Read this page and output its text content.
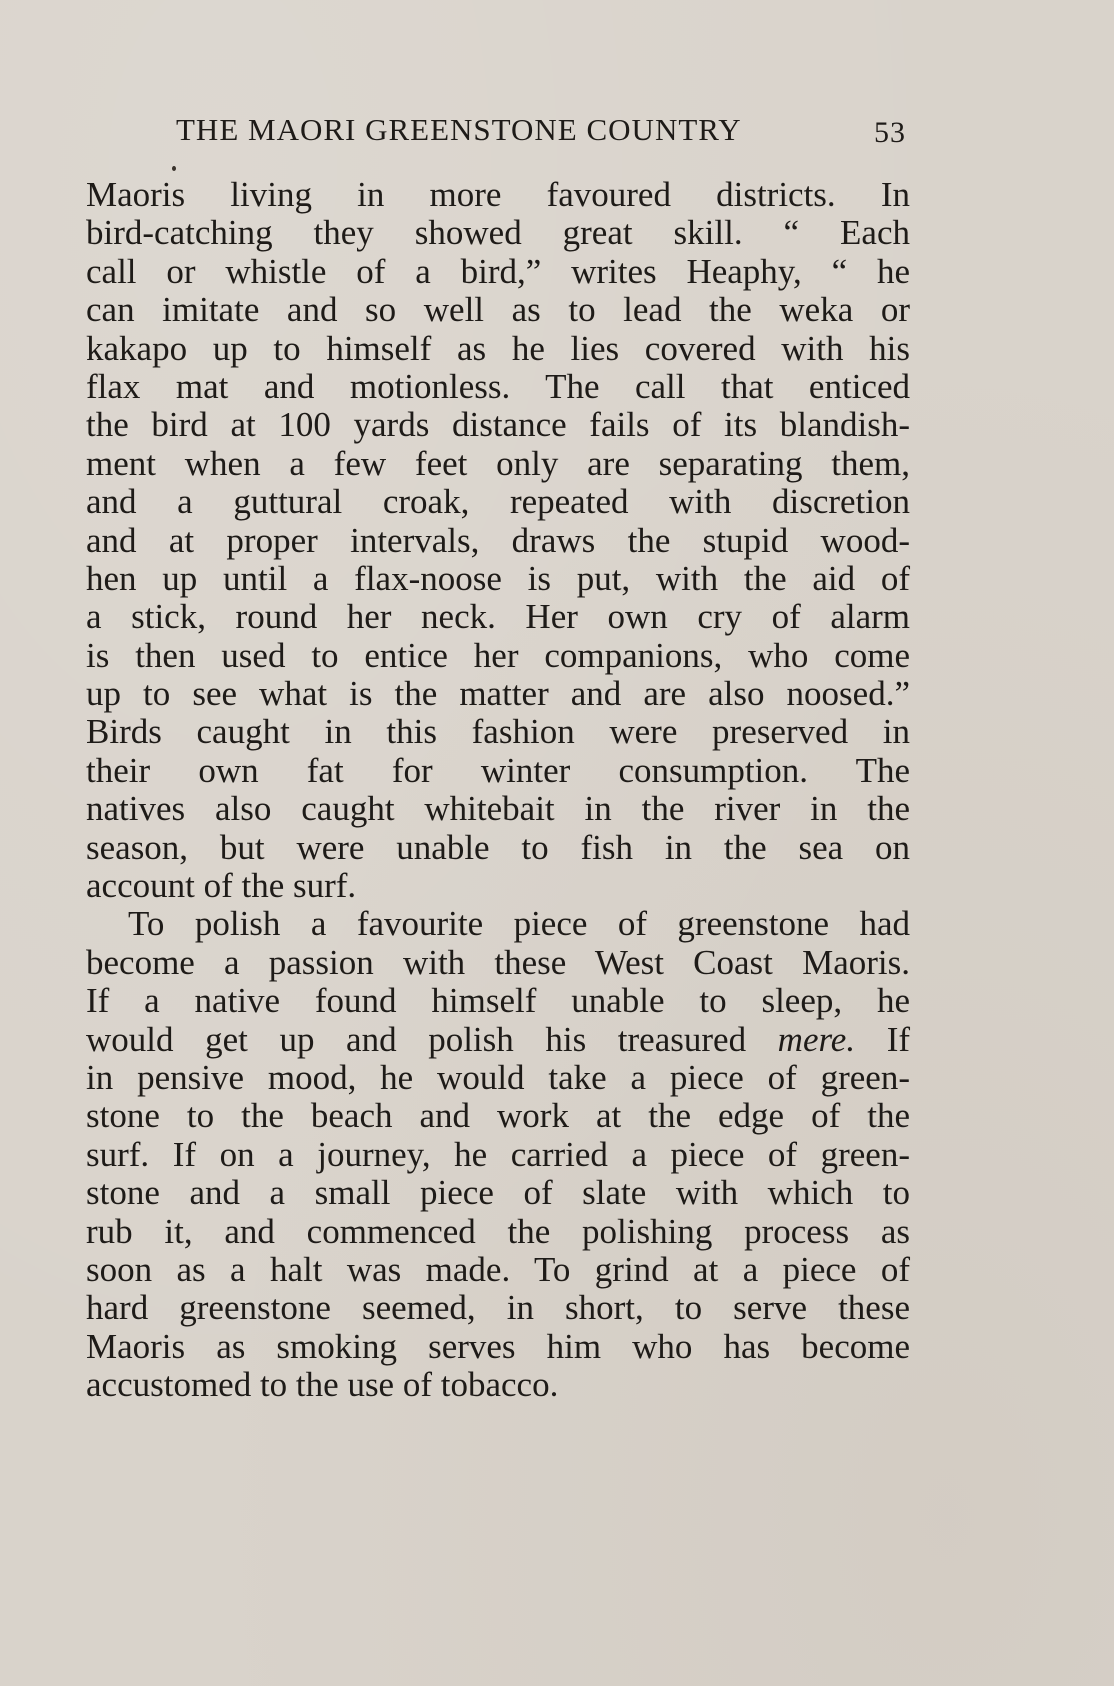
THE MAORI GREENSTONE COUNTRY	53
Maoris living in more favoured districts. In
bird-catching they showed great skill. “ Each
call or whistle of a bird,” writes Heaphy, “ he
can imitate and so well as to lead the weka or
kakapo up to himself as he lies covered with his
flax mat and motionless. The call that enticed
the bird at 100 yards distance fails of its blandish-
ment when a few feet only are separating them,
and a guttural croak, repeated with discretion
and at proper intervals, draws the stupid wood-
hen up until a flax-noose is put, with the aid of
a stick, round her neck. Her own cry of alarm
is then used to entice her companions, who come
up to see what is the matter and are also noosed.”
Birds caught in this fashion were preserved in
their own fat for winter consumption. The
natives also caught whitebait in the river in the
season, but were unable to fish in the sea on
account of the surf.
To polish a favourite piece of greenstone had
become a passion with these West Coast Maoris.
If a native found himself unable to sleep, he
would get up and polish his treasured mere. If
in pensive mood, he would take a piece of green-
stone to the beach and work at the edge of the
surf. If on a journey, he carried a piece of green-
stone and a small piece of slate with which to
rub it, and commenced the polishing process as
soon as a halt was made. To grind at a piece of
hard greenstone seemed, in short, to serve these
Maoris as smoking serves him who has become
accustomed to the use of tobacco.
